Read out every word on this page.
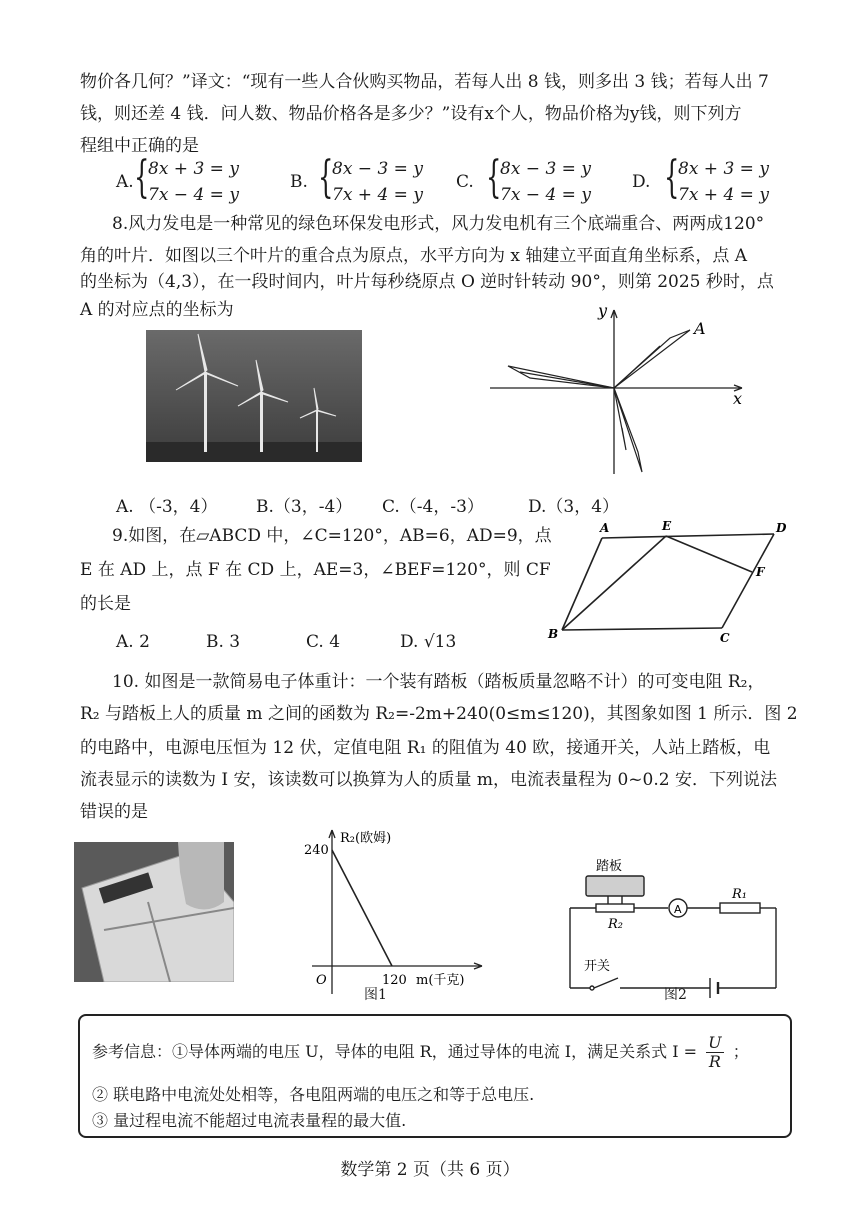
物价各几何？”译文：“现有一些人合伙购买物品，若每人出 8 钱，则多出 3 钱；若每人出 7
钱，则还差 4 钱．问人数、物品价格各是多少？”设有x个人，物品价格为y钱，则下列方
程组中正确的是
A. {
8x + 3 = y
7x − 4 = y
B. {
8x − 3 = y
7x + 4 = y
C. {
8x − 3 = y
7x − 4 = y
D. {
8x + 3 = y
7x + 4 = y
8.风力发电是一种常见的绿色环保发电形式，风力发电机有三个底端重合、两两成120°
角的叶片．如图以三个叶片的重合点为原点，水平方向为 x 轴建立平面直角坐标系，点 A
的坐标为（4,3），在一段时间内，叶片每秒绕原点 O 逆时针转动 90°，则第 2025 秒时，点
A 的对应点的坐标为
x
y
A
A. （-3，4） B.（3，-4） C.（-4，-3）	D.（3，4）
9.如图，在▱ABCD 中，∠C=120°，AB=6，AD=9，点
E 在 AD 上，点 F 在 CD 上，AE=3，∠BEF=120°，则 CF
的长是
A. 2	B. 3	C. 4	D. √13
A	E	D
F
B	C
10. 如图是一款简易电子体重计：一个装有踏板（踏板质量忽略不计）的可变电阻 R₂，
R₂ 与踏板上人的质量 m 之间的函数为 R₂=-2m+240(0≤m≤120)，其图象如图 1 所示．图 2
的电路中，电源电压恒为 12 伏，定值电阻 R₁ 的阻值为 40 欧，接通开关，人站上踏板，电
流表显示的读数为 I 安，该读数可以换算为人的质量 m，电流表量程为 0~0.2 安．下列说法
错误的是
R₂(欧姆)
240
120 m(千克)
O
图1
A
踏板
R₁
R₂
开关
图2
参考信息：①导体两端的电压 U，导体的电阻 R，通过导体的电流 I，满足关系式 $I = \frac{U}{R}$ ；
② 联电路中电流处处相等，各电阻两端的电压之和等于总电压.
③ 量过程电流不能超过电流表量程的最大值.
数学第 2 页（共 6 页）
